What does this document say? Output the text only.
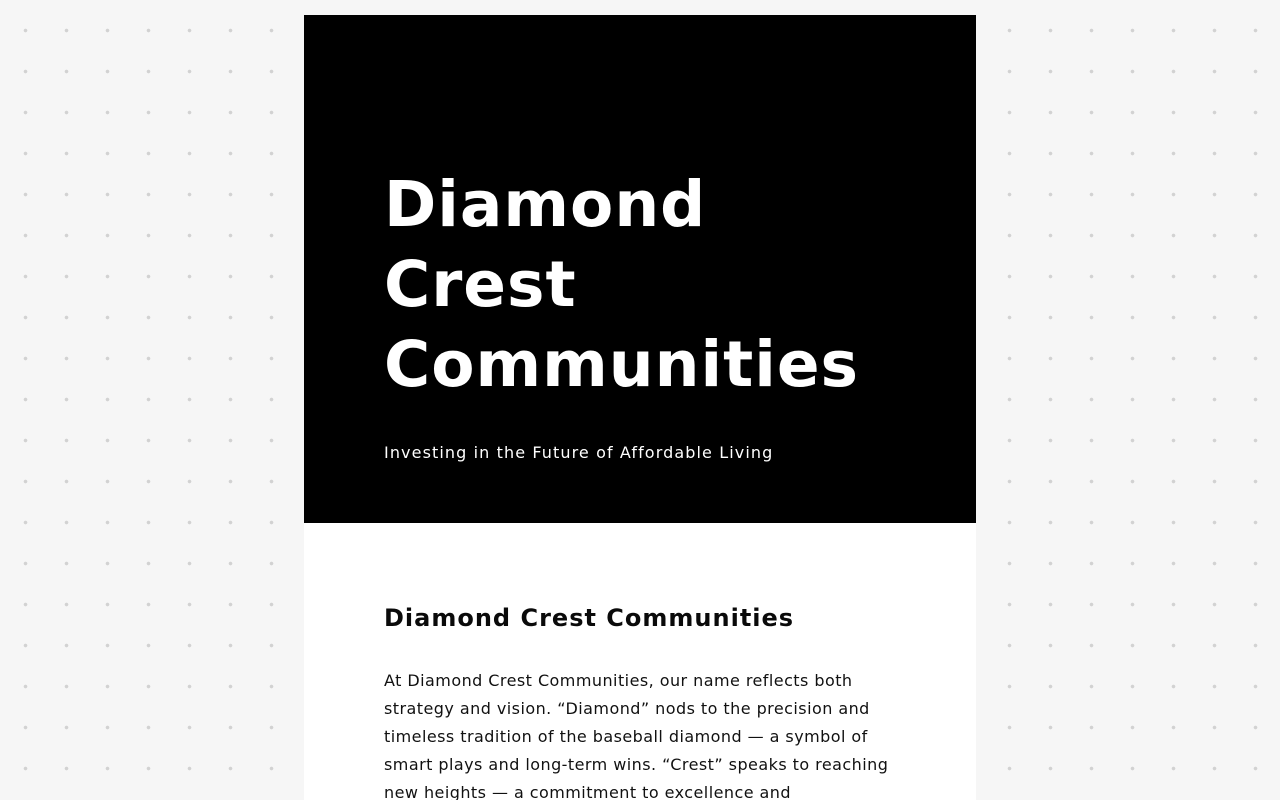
Diamond Crest Communities

Investing in the Future of Affordable Living

Diamond Crest Communities

At Diamond Crest Communities, our name reflects both strategy and vision. “Diamond” nods to the precision and timeless tradition of the baseball diamond — a symbol of smart plays and long-term wins. “Crest” speaks to reaching new heights — a commitment to excellence and
